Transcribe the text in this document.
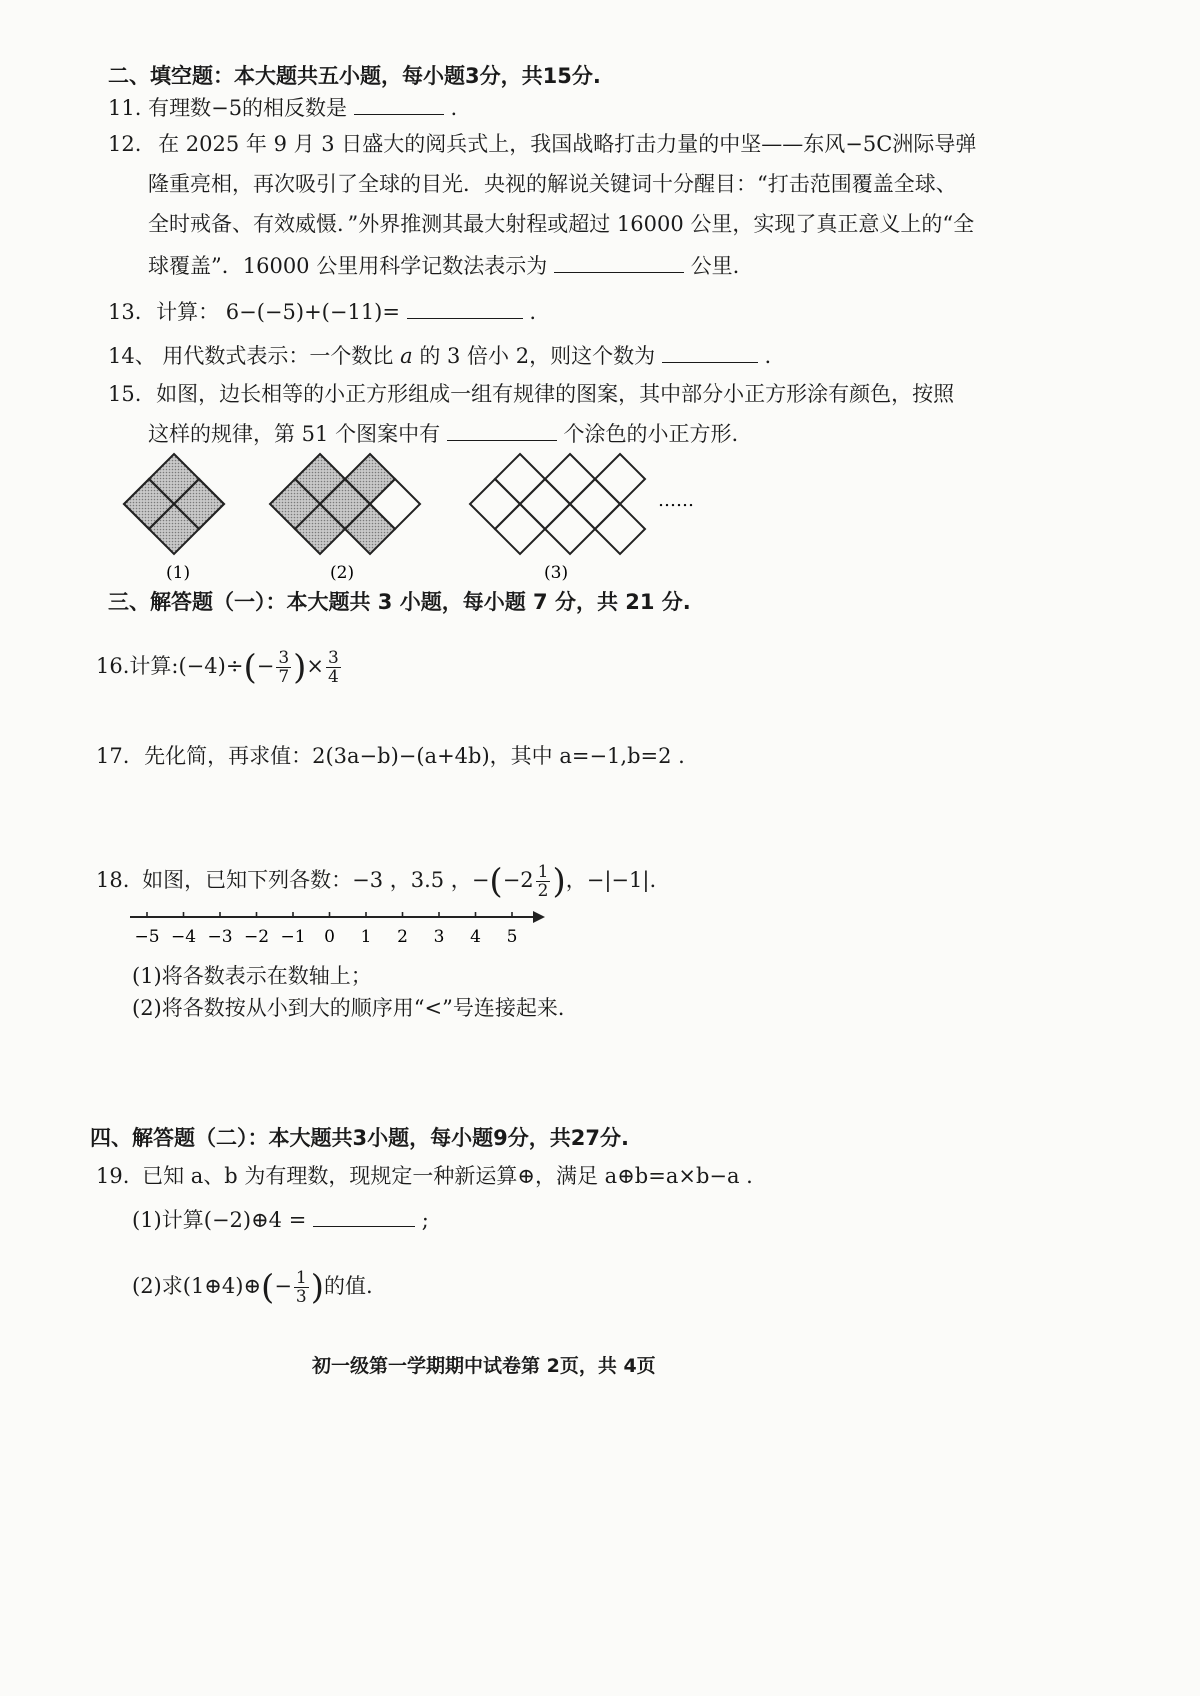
二、填空题：本大题共五小题，每小题3分，共15分.
11. 有理数−5的相反数是	.
12. 在 2025 年 9 月 3 日盛大的阅兵式上，我国战略打击力量的中坚——东风−5C洲际导弹
隆重亮相，再次吸引了全球的目光．央视的解说关键词十分醒目：“打击范围覆盖全球、
全时戒备、有效威慑．”外界推测其最大射程或超过 16000 公里，实现了真正意义上的“全
球覆盖”．16000 公里用科学记数法表示为	公里.
13. 计算： 6−(−5)+(−11)=	.
14、 用代数式表示：一个数比 a 的 3 倍小 2，则这个数为	.
15. 如图，边长相等的小正方形组成一组有规律的图案，其中部分小正方形涂有颜色，按照
这样的规律，第 51 个图案中有	个涂色的小正方形.
……
(1)	(2)	(3)
三、解答题（一）：本大题共 3 小题，每小题 7 分，共 21 分.
16.计算:(−4)÷(− $\frac{3}{7}$ )× $\frac{3}{4}$
17. 先化简，再求值：2(3a−b)−(a+4b)，其中 a=−1,b=2 .
18. 如图，已知下列各数：−3 ，3.5 ，$-(-2 \frac{1}{2}$ )，−|−1|.
−5 −4 −3 −2 −1 0 1 2 3 4 5
(1)将各数表示在数轴上；
(2)将各数按从小到大的顺序用“<”号连接起来.
四、解答题（二）：本大题共3小题，每小题9分，共27分.
19. 已知 a、b 为有理数，现规定一种新运算⊕，满足 a⊕b=a×b−a .
(1)计算(−2)⊕4 =	;
(2)求(1⊕4)⊕(− $\frac{1}{3}$ )的值.
初一级第一学期期中试卷第 2页，共 4页
